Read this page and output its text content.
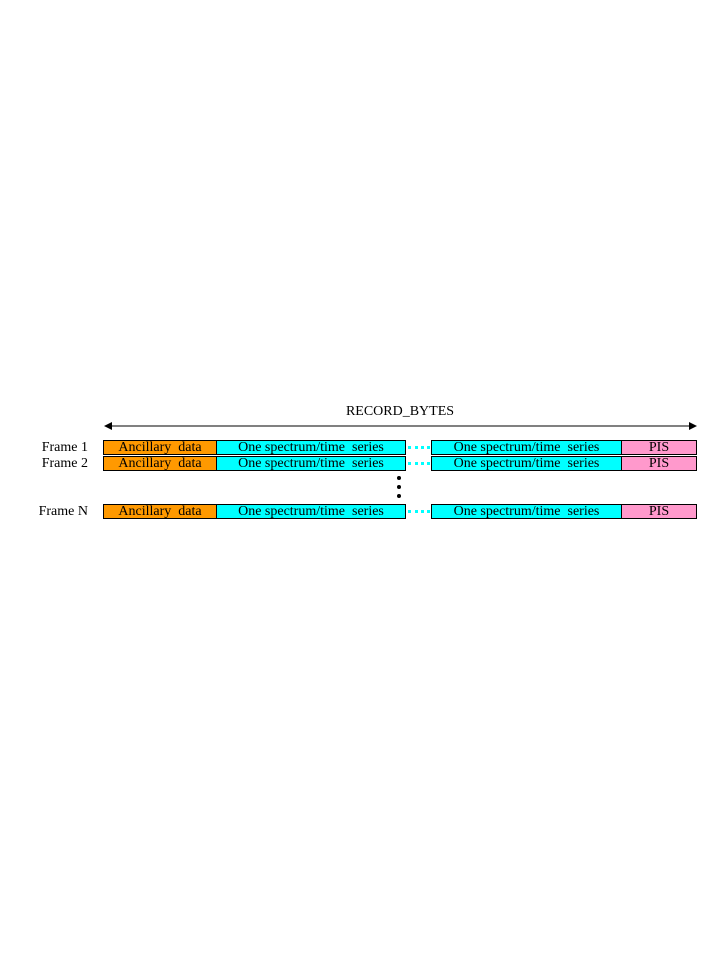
RECORD_BYTES
Frame 1	Ancillary  data	One spectrum/time  series	One spectrum/time  series	PIS
Frame 2	Ancillary  data	One spectrum/time  series	One spectrum/time  series	PIS
Frame N	Ancillary  data	One spectrum/time  series	One spectrum/time  series	PIS
